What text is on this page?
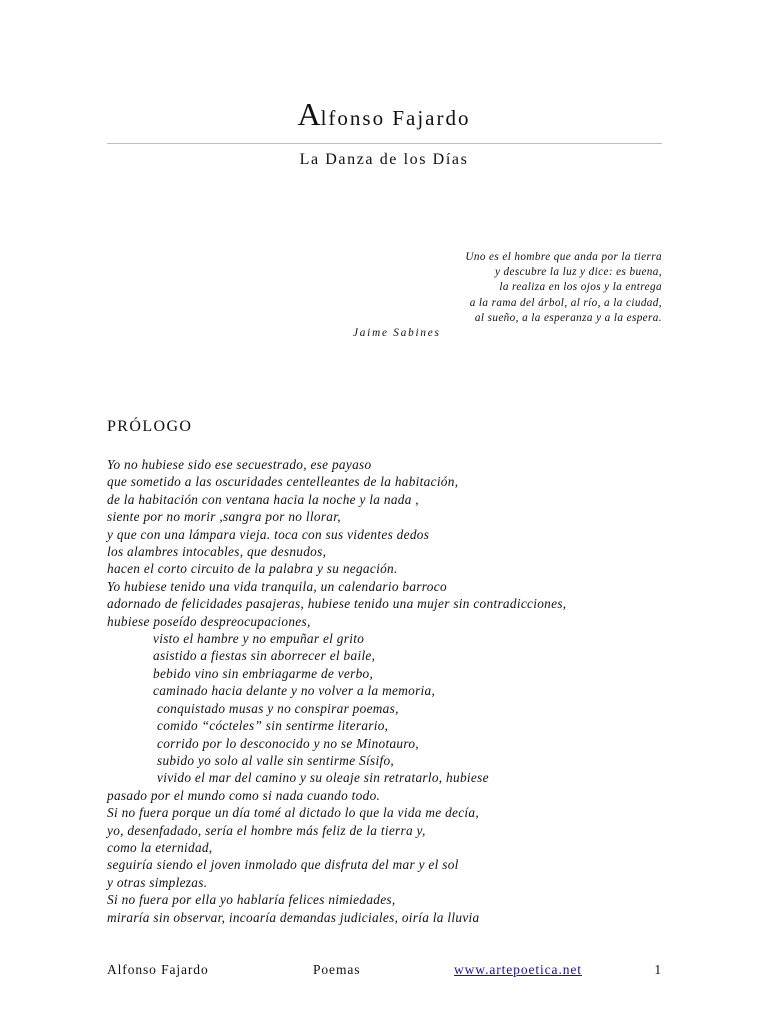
Alfonso Fajardo
La Danza de los Días
Uno es el hombre que anda por la tierra
y descubre la luz y dice: es buena,
la realiza en los ojos y la entrega
a la rama del árbol, al río, a la ciudad,
al sueño, a la esperanza y a la espera.
Jaime Sabines
PRÓLOGO
Yo no hubiese sido ese secuestrado, ese payaso
que sometido a las oscuridades centelleantes de la habitación,
de la habitación con ventana hacia la noche y la nada ,
siente por no morir ,sangra por no llorar,
y que con una lámpara vieja. toca con sus videntes dedos
los alambres intocables, que desnudos,
hacen el corto circuito de la palabra y su negación.
Yo hubiese tenido una vida tranquila, un calendario barroco
adornado de felicidades pasajeras, hubiese tenido una mujer sin contradicciones,
hubiese poseído despreocupaciones,
visto el hambre y no empuñar el grito
asistido a fiestas sin aborrecer el baile,
bebido vino sin embriagarme de verbo,
caminado hacia delante y no volver a la memoria,
conquistado musas y no conspirar poemas,
comido “cócteles” sin sentirme literario,
corrido por lo desconocido y no se Minotauro,
subido yo solo al valle sin sentirme Sísifo,
vivido el mar del camino y su oleaje sin retratarlo, hubiese
pasado por el mundo como si nada cuando todo.
Si no fuera porque un día tomé al dictado lo que la vida me decía,
yo, desenfadado, sería el hombre más feliz de la tierra y,
como la eternidad,
seguiría siendo el joven inmolado que disfruta del mar y el sol
y otras simplezas.
Si no fuera por ella yo hablaría felices nimiedades,
miraría sin observar, incoaría demandas judiciales, oiría la lluvia
Alfonso Fajardo	Poemas	www.artepoetica.net	1
